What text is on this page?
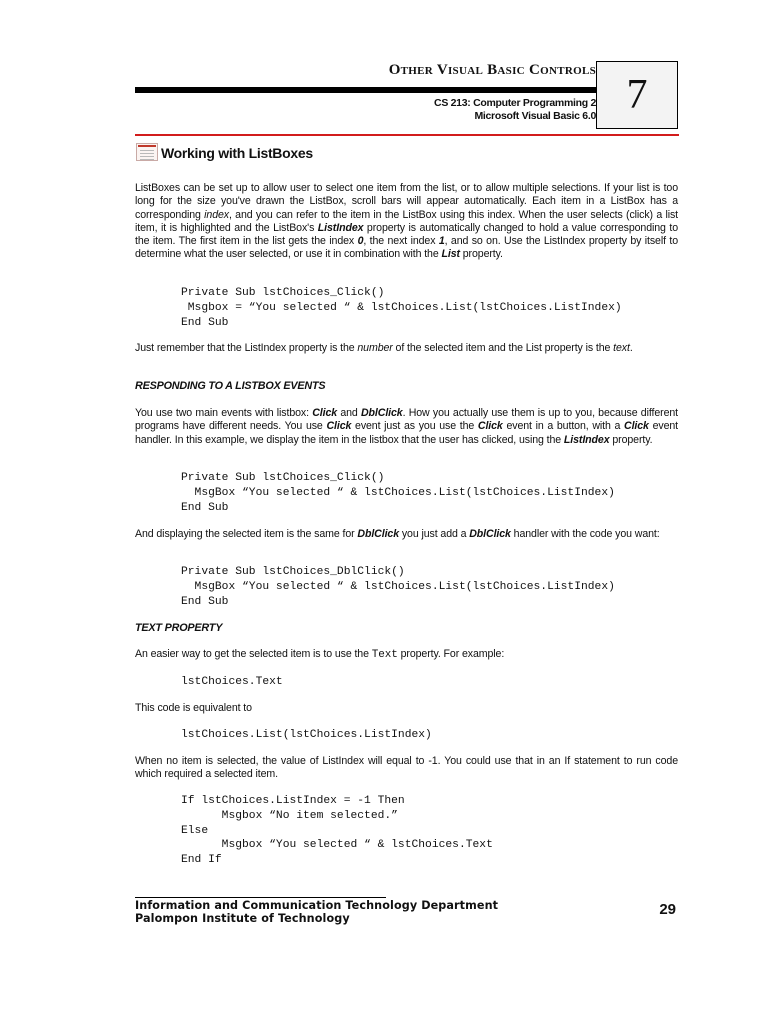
Other Visual Basic Controls
7
CS 213: Computer Programming 2
Microsoft Visual Basic 6.0
Working with ListBoxes

ListBoxes can be set up to allow user to select one item from the list, or to allow multiple selections. If your list is too long for the size you've drawn the ListBox, scroll bars will appear automatically. Each item in a ListBox has a corresponding index, and you can refer to the item in the ListBox using this index. When the user selects (click) a list item, it is highlighted and the ListBox's ListIndex property is automatically changed to hold a value corresponding to the item. The first item in the list gets the index 0, the next index 1, and so on. Use the ListIndex property by itself to determine what the user selected, or use it in combination with the List property.

Private Sub lstChoices_Click()
Msgbox = “You selected “ & lstChoices.List(lstChoices.ListIndex)
End Sub

Just remember that the ListIndex property is the number of the selected item and the List property is the text.

RESPONDING TO A LISTBOX EVENTS

You use two main events with listbox: Click and DblClick. How you actually use them is up to you, because different programs have different needs. You use Click event just as you use the Click event in a button, with a Click event handler. In this example, we display the item in the listbox that the user has clicked, using the ListIndex property.

Private Sub lstChoices_Click()
MsgBox “You selected “ & lstChoices.List(lstChoices.ListIndex)
End Sub

And displaying the selected item is the same for DblClick you just add a DblClick handler with the code you want:

Private Sub lstChoices_DblClick()
MsgBox “You selected “ & lstChoices.List(lstChoices.ListIndex)
End Sub
TEXT PROPERTY

An easier way to get the selected item is to use the Text property. For example:

lstChoices.Text

This code is equivalent to

lstChoices.List(lstChoices.ListIndex)

When no item is selected, the value of ListIndex will equal to -1. You could use that in an If statement to run code which required a selected item.

If lstChoices.ListIndex = -1 Then
Msgbox “No item selected.”
Else
Msgbox “You selected “ & lstChoices.Text
End If
Information and Communication Technology Department
Palompon Institute of Technology
29
